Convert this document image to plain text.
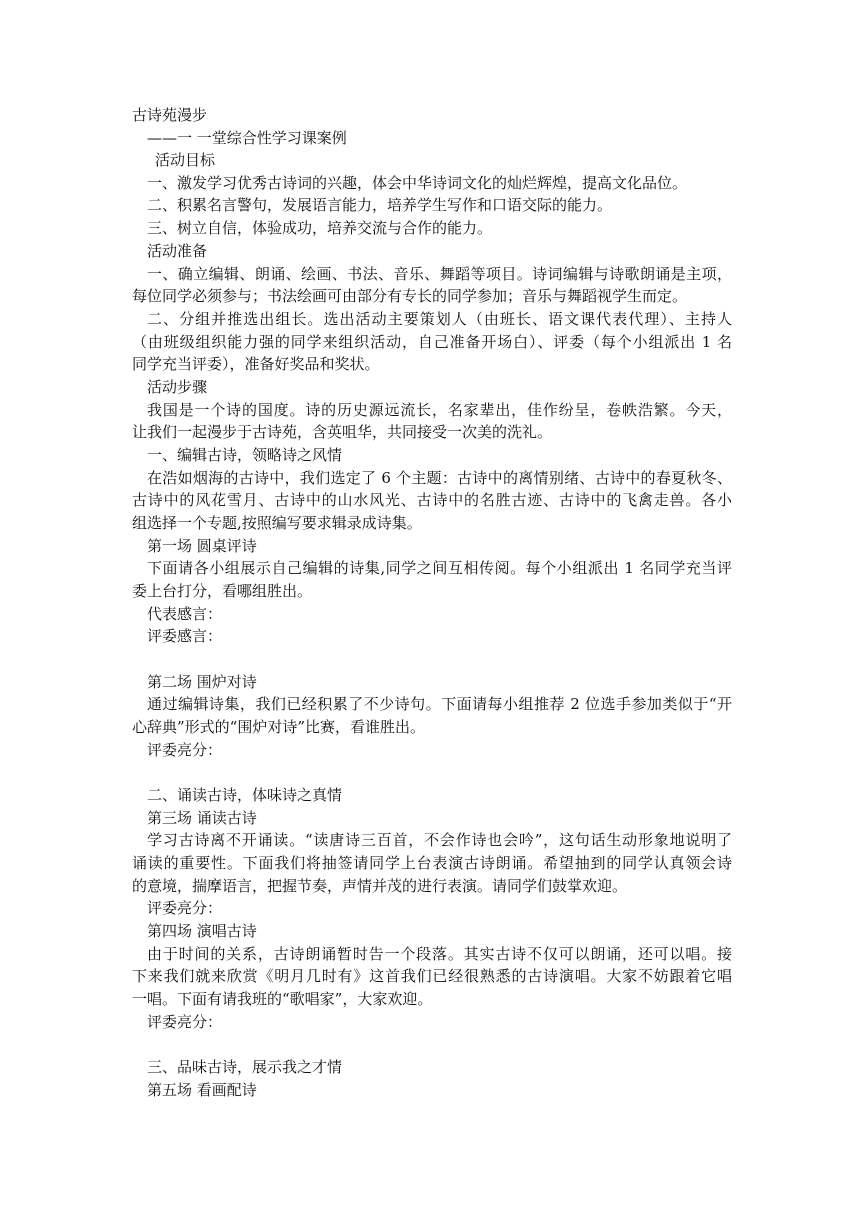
古诗苑漫步
——一 一堂综合性学习课案例
活动目标
一、激发学习优秀古诗词的兴趣，体会中华诗词文化的灿烂辉煌，提高文化品位。
二、积累名言警句，发展语言能力，培养学生写作和口语交际的能力。
三、树立自信，体验成功，培养交流与合作的能力。
活动准备
一、确立编辑、朗诵、绘画、书法、音乐、舞蹈等项目。诗词编辑与诗歌朗诵是主项，
每位同学必须参与；书法绘画可由部分有专长的同学参加；音乐与舞蹈视学生而定。
二、分组并推选出组长。选出活动主要策划人（由班长、语文课代表代理）、主持人
（由班级组织能力强的同学来组织活动，自己准备开场白）、评委（每个小组派出 1 名
同学充当评委），准备好奖品和奖状。
活动步骤
我国是一个诗的国度。诗的历史源远流长，名家辈出，佳作纷呈，卷帙浩繁。今天，
让我们一起漫步于古诗苑，含英咀华，共同接受一次美的洗礼。
一、编辑古诗，领略诗之风情
在浩如烟海的古诗中，我们选定了 6 个主题：古诗中的离情别绪、古诗中的春夏秋冬、
古诗中的风花雪月、古诗中的山水风光、古诗中的名胜古迹、古诗中的飞禽走兽。各小
组选择一个专题,按照编写要求辑录成诗集。
第一场 圆桌评诗
下面请各小组展示自己编辑的诗集,同学之间互相传阅。每个小组派出 1 名同学充当评
委上台打分，看哪组胜出。
代表感言：
评委感言：
第二场 围炉对诗
通过编辑诗集，我们已经积累了不少诗句。下面请每小组推荐 2 位选手参加类似于“开
心辞典”形式的“围炉对诗”比赛，看谁胜出。
评委亮分：
二、诵读古诗，体味诗之真情
第三场 诵读古诗
学习古诗离不开诵读。“读唐诗三百首，不会作诗也会吟”，这句话生动形象地说明了
诵读的重要性。下面我们将抽签请同学上台表演古诗朗诵。希望抽到的同学认真领会诗
的意境，揣摩语言，把握节奏，声情并茂的进行表演。请同学们鼓掌欢迎。
评委亮分：
第四场 演唱古诗
由于时间的关系，古诗朗诵暂时告一个段落。其实古诗不仅可以朗诵，还可以唱。接
下来我们就来欣赏《明月几时有》这首我们已经很熟悉的古诗演唱。大家不妨跟着它唱
一唱。下面有请我班的“歌唱家”，大家欢迎。
评委亮分：
三、品味古诗，展示我之才情
第五场 看画配诗
